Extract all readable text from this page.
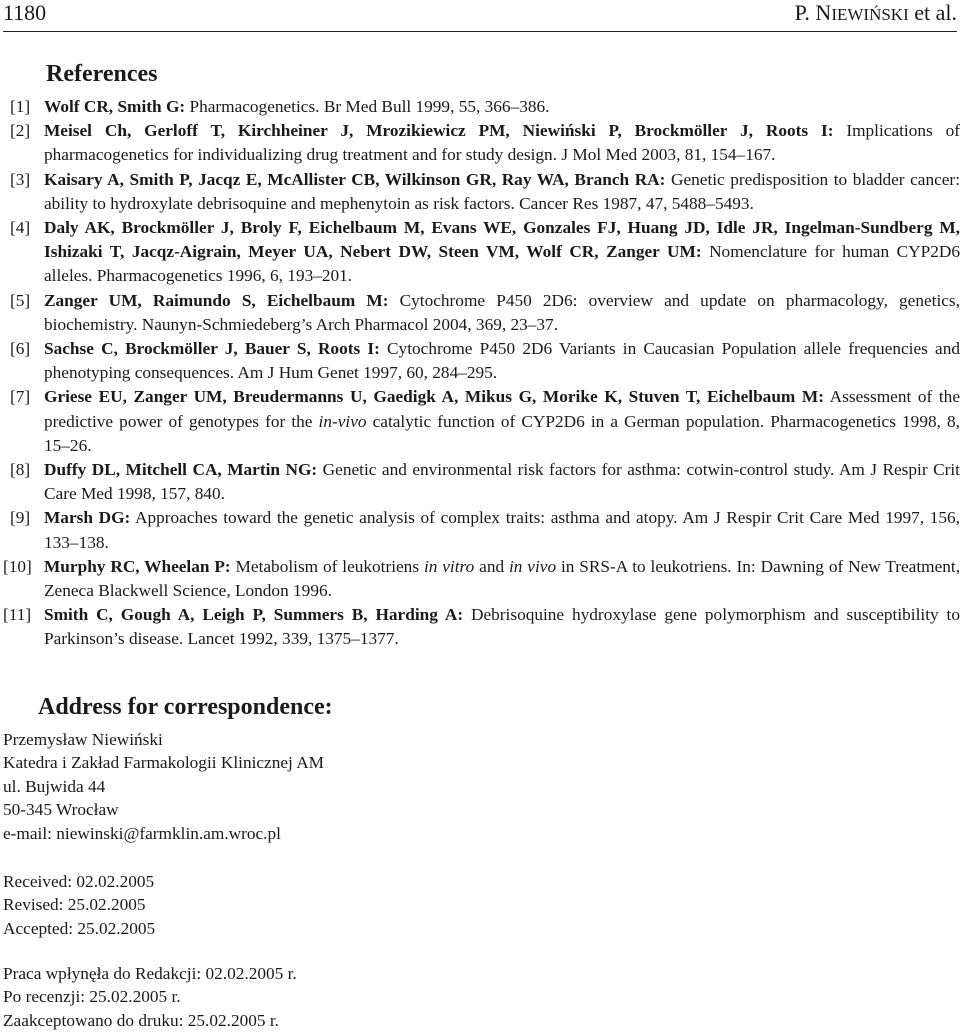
1180	P. NIEWIŃSKI et al.
References
[1] Wolf CR, Smith G: Pharmacogenetics. Br Med Bull 1999, 55, 366–386.
[2] Meisel Ch, Gerloff T, Kirchheiner J, Mrozikiewicz PM, Niewiński P, Brockmöller J, Roots I: Implications of pharmacogenetics for individualizing drug treatment and for study design. J Mol Med 2003, 81, 154–167.
[3] Kaisary A, Smith P, Jacqz E, McAllister CB, Wilkinson GR, Ray WA, Branch RA: Genetic predisposition to bladder cancer: ability to hydroxylate debrisoquine and mephenytoin as risk factors. Cancer Res 1987, 47, 5488–5493.
[4] Daly AK, Brockmöller J, Broly F, Eichelbaum M, Evans WE, Gonzales FJ, Huang JD, Idle JR, Ingelman-Sundberg M, Ishizaki T, Jacqz-Aigrain, Meyer UA, Nebert DW, Steen VM, Wolf CR, Zanger UM: Nomenclature for human CYP2D6 alleles. Pharmacogenetics 1996, 6, 193–201.
[5] Zanger UM, Raimundo S, Eichelbaum M: Cytochrome P450 2D6: overview and update on pharmacology, genetics, biochemistry. Naunyn-Schmiedeberg’s Arch Pharmacol 2004, 369, 23–37.
[6] Sachse C, Brockmöller J, Bauer S, Roots I: Cytochrome P450 2D6 Variants in Caucasian Population allele frequencies and phenotyping consequences. Am J Hum Genet 1997, 60, 284–295.
[7] Griese EU, Zanger UM, Breudermanns U, Gaedigk A, Mikus G, Morike K, Stuven T, Eichelbaum M: Assessment of the predictive power of genotypes for the in-vivo catalytic function of CYP2D6 in a German population. Pharmacogenetics 1998, 8, 15–26.
[8] Duffy DL, Mitchell CA, Martin NG: Genetic and environmental risk factors for asthma: cotwin-control study. Am J Respir Crit Care Med 1998, 157, 840.
[9] Marsh DG: Approaches toward the genetic analysis of complex traits: asthma and atopy. Am J Respir Crit Care Med 1997, 156, 133–138.
[10] Murphy RC, Wheelan P: Metabolism of leukotriens in vitro and in vivo in SRS-A to leukotriens. In: Dawning of New Treatment, Zeneca Blackwell Science, London 1996.
[11] Smith C, Gough A, Leigh P, Summers B, Harding A: Debrisoquine hydroxylase gene polymorphism and susceptibility to Parkinson’s disease. Lancet 1992, 339, 1375–1377.
Address for correspondence:
Przemysław Niewiński
Katedra i Zakład Farmakologii Klinicznej AM
ul. Bujwida 44
50-345 Wrocław
e-mail: niewinski@farmklin.am.wroc.pl
Received: 02.02.2005
Revised: 25.02.2005
Accepted: 25.02.2005
Praca wpłynęła do Redakcji: 02.02.2005 r.
Po recenzji: 25.02.2005 r.
Zaakceptowano do druku: 25.02.2005 r.
